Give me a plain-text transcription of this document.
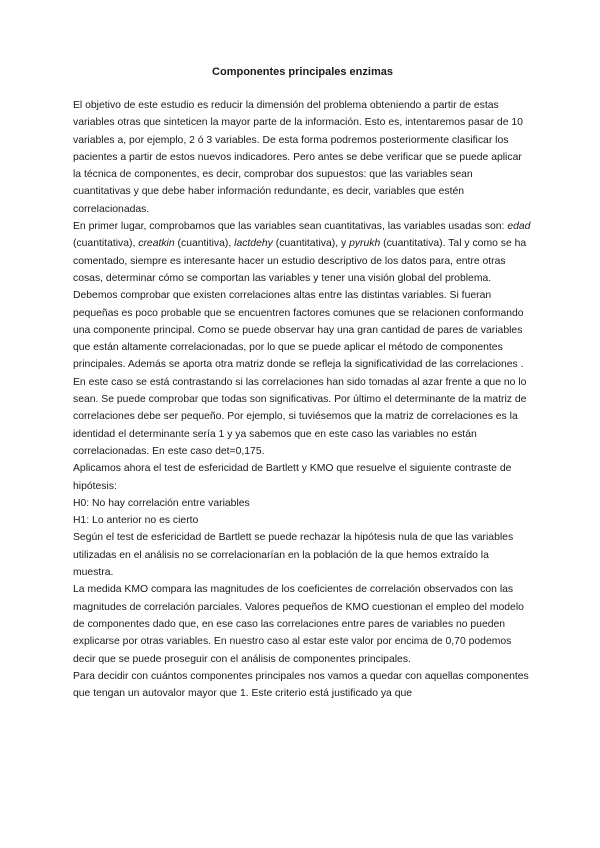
Componentes principales enzimas

El objetivo de este estudio es reducir la dimensión del problema obteniendo a partir de estas variables otras que sinteticen la mayor parte de la información. Esto es, intentaremos pasar de 10 variables a, por ejemplo, 2 ó 3 variables. De esta forma podremos posteriormente clasificar los pacientes a partir de estos nuevos indicadores. Pero antes se debe verificar que se puede aplicar la técnica de componentes, es decir, comprobar dos supuestos: que las variables sean cuantitativas y que debe haber información redundante, es decir, variables que estén correlacionadas.

En primer lugar, comprobamos que las variables sean cuantitativas, las variables usadas son: edad (cuantitativa), creatkin (cuantitiva), lactdehy (cuantitativa), y pyrukh (cuantitativa). Tal y como se ha comentado, siempre es interesante hacer un estudio descriptivo de los datos para, entre otras cosas, determinar cómo se comportan las variables y tener una visión global del problema. Debemos comprobar que existen correlaciones altas entre las distintas variables. Si fueran pequeñas es poco probable que se encuentren factores comunes que se relacionen conformando una componente principal. Como se puede observar hay una gran cantidad de pares de variables que están altamente correlacionadas, por lo que se puede aplicar el método de componentes principales. Además se aporta otra matriz donde se refleja la significatividad de las correlaciones . En este caso se está contrastando si las correlaciones han sido tomadas al azar frente a que no lo sean. Se puede comprobar que todas son significativas. Por último el determinante de la matriz de correlaciones debe ser pequeño. Por ejemplo, si tuviésemos que la matriz de correlaciones es la identidad el determinante sería 1 y ya sabemos que en este caso las variables no están correlacionadas. En este caso det=0,175.

Aplicamos ahora el test de esfericidad de Bartlett y KMO que resuelve el siguiente contraste de hipótesis:

H0: No hay correlación entre variables

H1: Lo anterior no es cierto

Según el test de esfericidad de Bartlett se puede rechazar la hipótesis nula de que las variables utilizadas en el análisis no se correlacionarían en la población de la que hemos extraído la muestra.

La medida KMO compara las magnitudes de los coeficientes de correlación observados con las magnitudes de correlación parciales. Valores pequeños de KMO cuestionan el empleo del modelo de componentes dado que, en ese caso las correlaciones entre pares de variables no pueden explicarse por otras variables. En nuestro caso al estar este valor por encima de 0,70 podemos decir que se puede proseguir con el análisis de componentes principales.

Para decidir con cuántos componentes principales nos vamos a quedar con aquellas componentes que tengan un autovalor mayor que 1. Este criterio está justificado ya que
